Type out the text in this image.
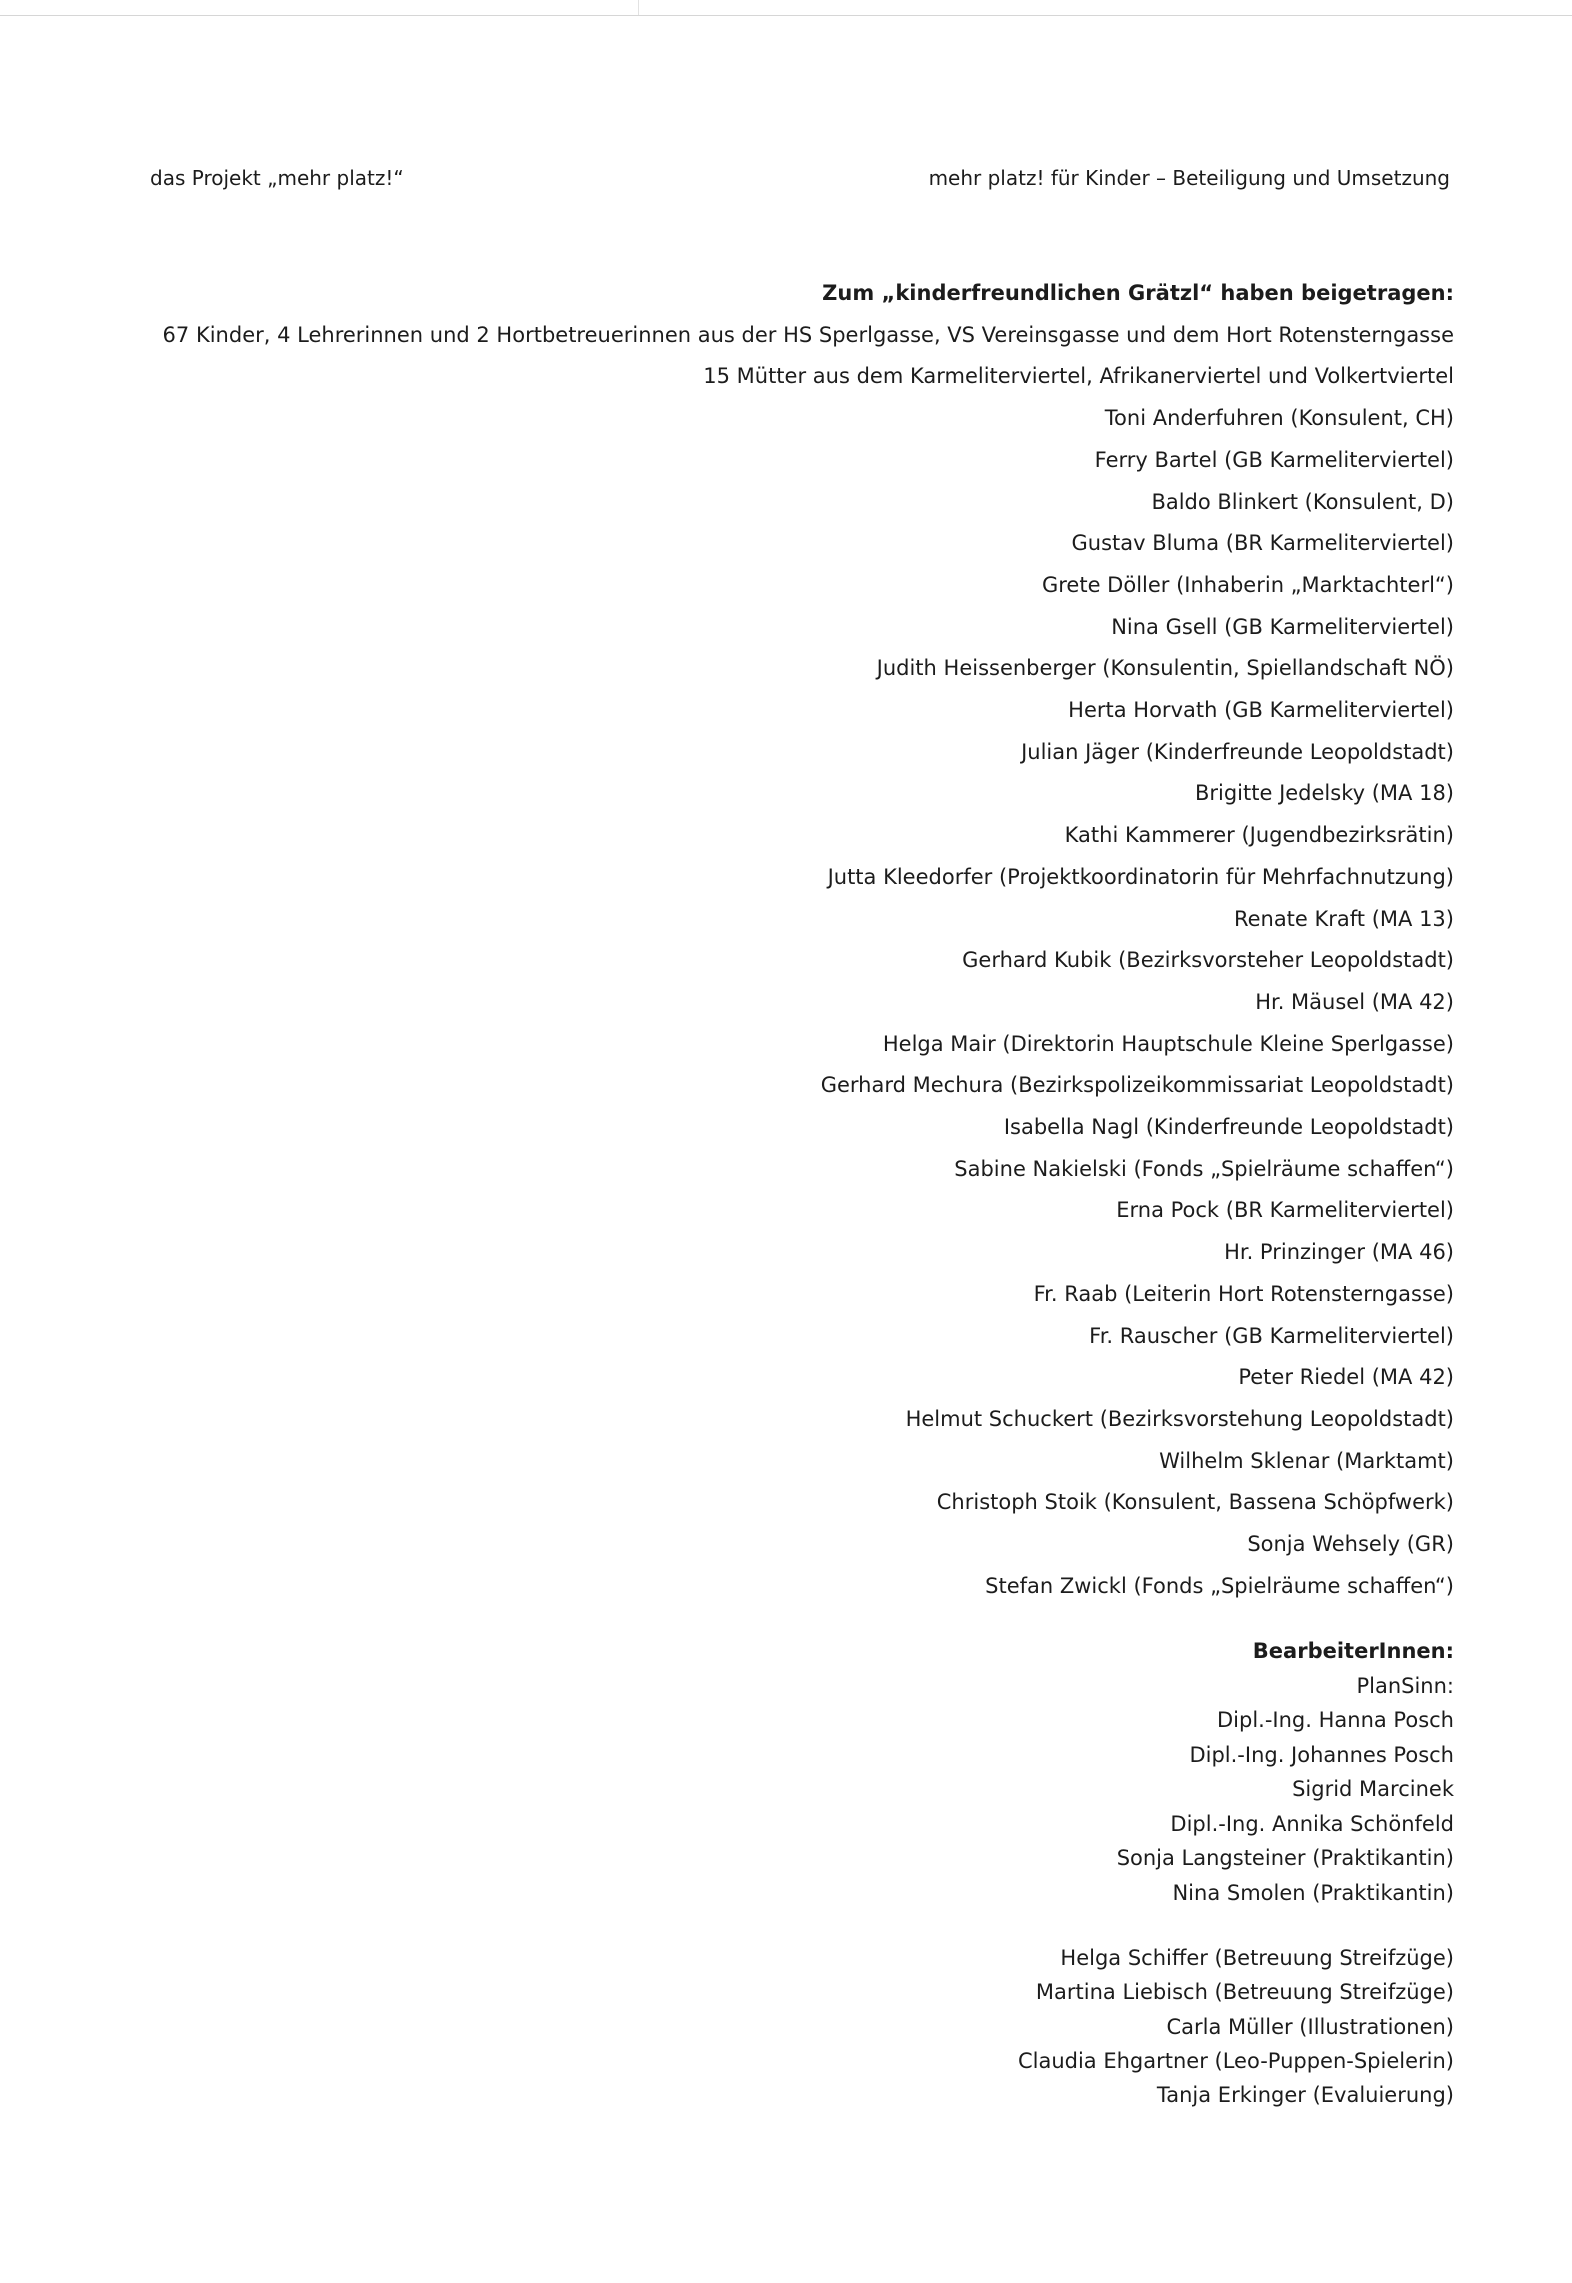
das Projekt „mehr platz!“	mehr platz! für Kinder – Beteiligung und Umsetzung
Zum „kinderfreundlichen Grätzl“ haben beigetragen:
67 Kinder, 4 Lehrerinnen und 2 Hortbetreuerinnen aus der HS Sperlgasse, VS Vereinsgasse und dem Hort Rotensterngasse
15 Mütter aus dem Karmeliterviertel, Afrikanerviertel und Volkertviertel
Toni Anderfuhren (Konsulent, CH)
Ferry Bartel (GB Karmeliterviertel)
Baldo Blinkert (Konsulent, D)
Gustav Bluma (BR Karmeliterviertel)
Grete Döller (Inhaberin „Marktachterl“)
Nina Gsell (GB Karmeliterviertel)
Judith Heissenberger (Konsulentin, Spiellandschaft NÖ)
Herta Horvath (GB Karmeliterviertel)
Julian Jäger (Kinderfreunde Leopoldstadt)
Brigitte Jedelsky (MA 18)
Kathi Kammerer (Jugendbezirksrätin)
Jutta Kleedorfer (Projektkoordinatorin für Mehrfachnutzung)
Renate Kraft (MA 13)
Gerhard Kubik (Bezirksvorsteher Leopoldstadt)
Hr. Mäusel (MA 42)
Helga Mair (Direktorin Hauptschule Kleine Sperlgasse)
Gerhard Mechura (Bezirkspolizeikommissariat Leopoldstadt)
Isabella Nagl (Kinderfreunde Leopoldstadt)
Sabine Nakielski (Fonds „Spielräume schaffen“)
Erna Pock (BR Karmeliterviertel)
Hr. Prinzinger (MA 46)
Fr. Raab (Leiterin Hort Rotensterngasse)
Fr. Rauscher (GB Karmeliterviertel)
Peter Riedel (MA 42)
Helmut Schuckert (Bezirksvorstehung Leopoldstadt)
Wilhelm Sklenar (Marktamt)
Christoph Stoik (Konsulent, Bassena Schöpfwerk)
Sonja Wehsely (GR)
Stefan Zwickl (Fonds „Spielräume schaffen“)
BearbeiterInnen:
PlanSinn:
Dipl.-Ing. Hanna Posch
Dipl.-Ing. Johannes Posch
Sigrid Marcinek
Dipl.-Ing. Annika Schönfeld
Sonja Langsteiner (Praktikantin)
Nina Smolen (Praktikantin)
Helga Schiffer (Betreuung Streifzüge)
Martina Liebisch (Betreuung Streifzüge)
Carla Müller (Illustrationen)
Claudia Ehgartner (Leo-Puppen-Spielerin)
Tanja Erkinger (Evaluierung)
